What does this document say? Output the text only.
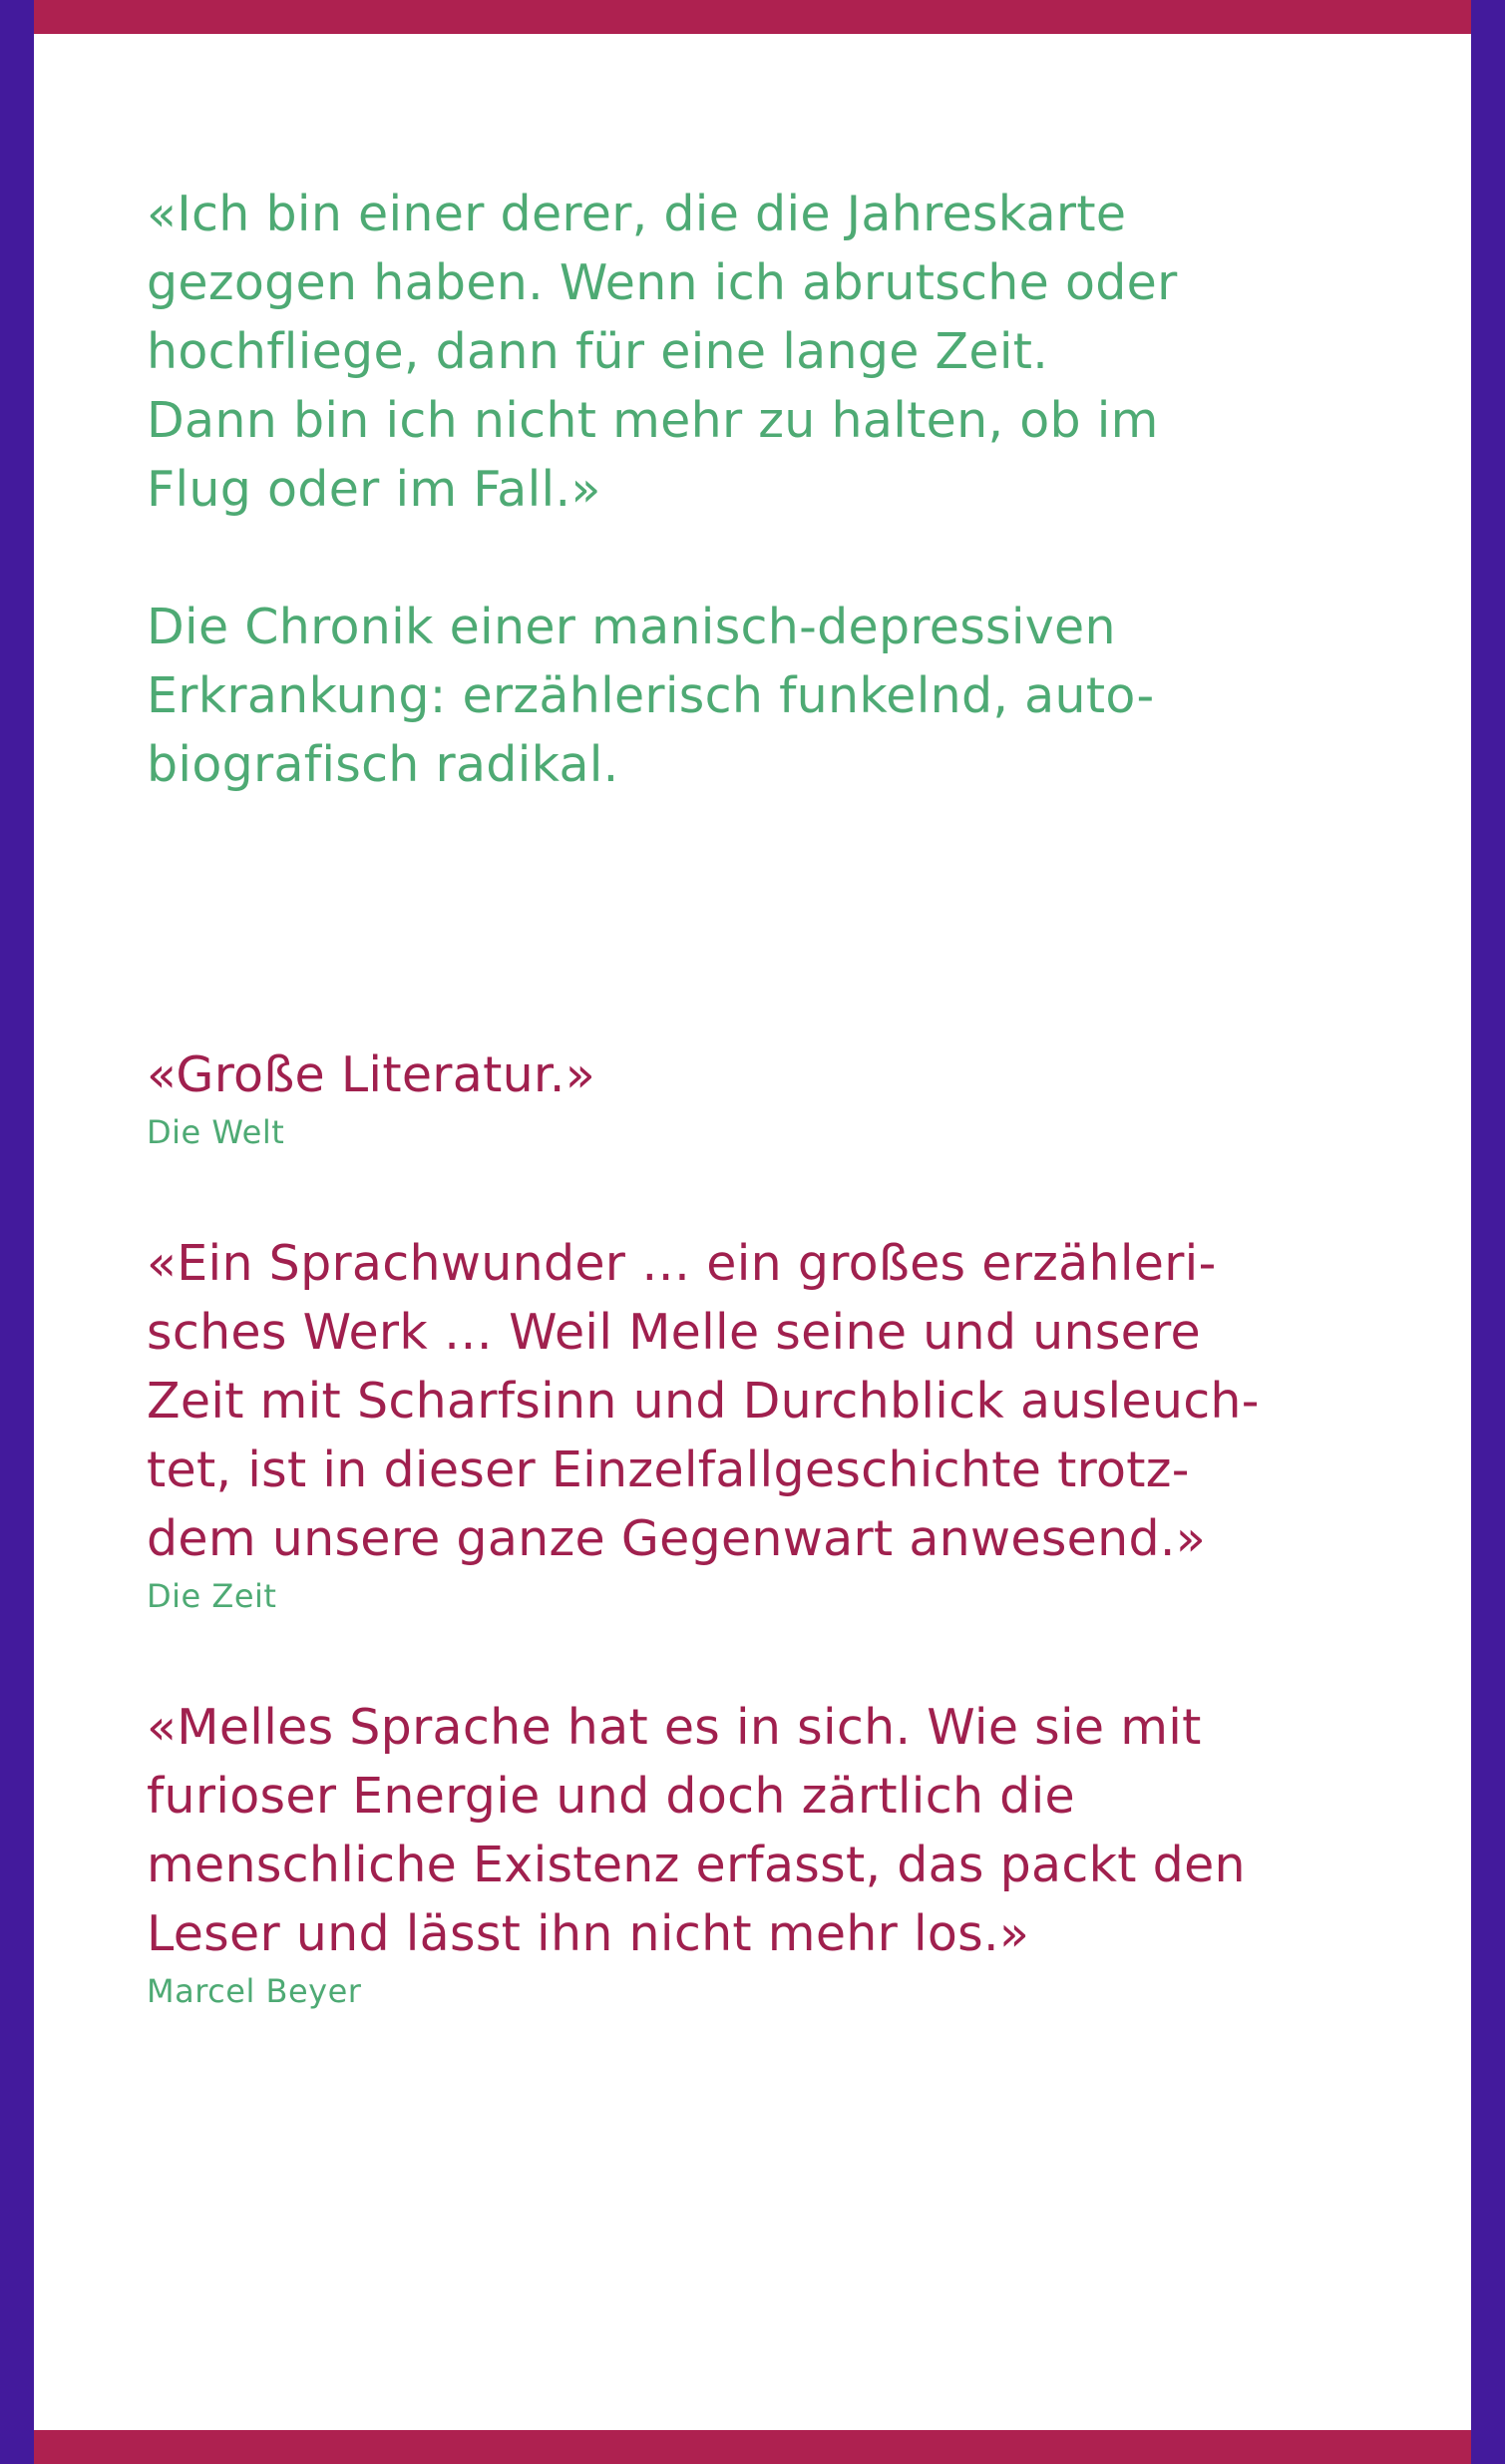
«Ich bin einer derer, die die Jahreskarte
gezogen haben. Wenn ich abrutsche oder
hochfliege, dann für eine lange Zeit.
Dann bin ich nicht mehr zu halten, ob im
Flug oder im Fall.»

Die Chronik einer manisch-depressiven
Erkrankung: erzählerisch funkelnd, auto-
biografisch radikal.

«Große Literatur.»

Die Welt

«Ein Sprachwunder … ein großes erzähleri-
sches Werk … Weil Melle seine und unsere
Zeit mit Scharfsinn und Durchblick ausleuch-
tet, ist in dieser Einzelfallgeschichte trotz-
dem unsere ganze Gegenwart anwesend.»

Die Zeit

«Melles Sprache hat es in sich. Wie sie mit
furioser Energie und doch zärtlich die
menschliche Existenz erfasst, das packt den
Leser und lässt ihn nicht mehr los.»

Marcel Beyer
